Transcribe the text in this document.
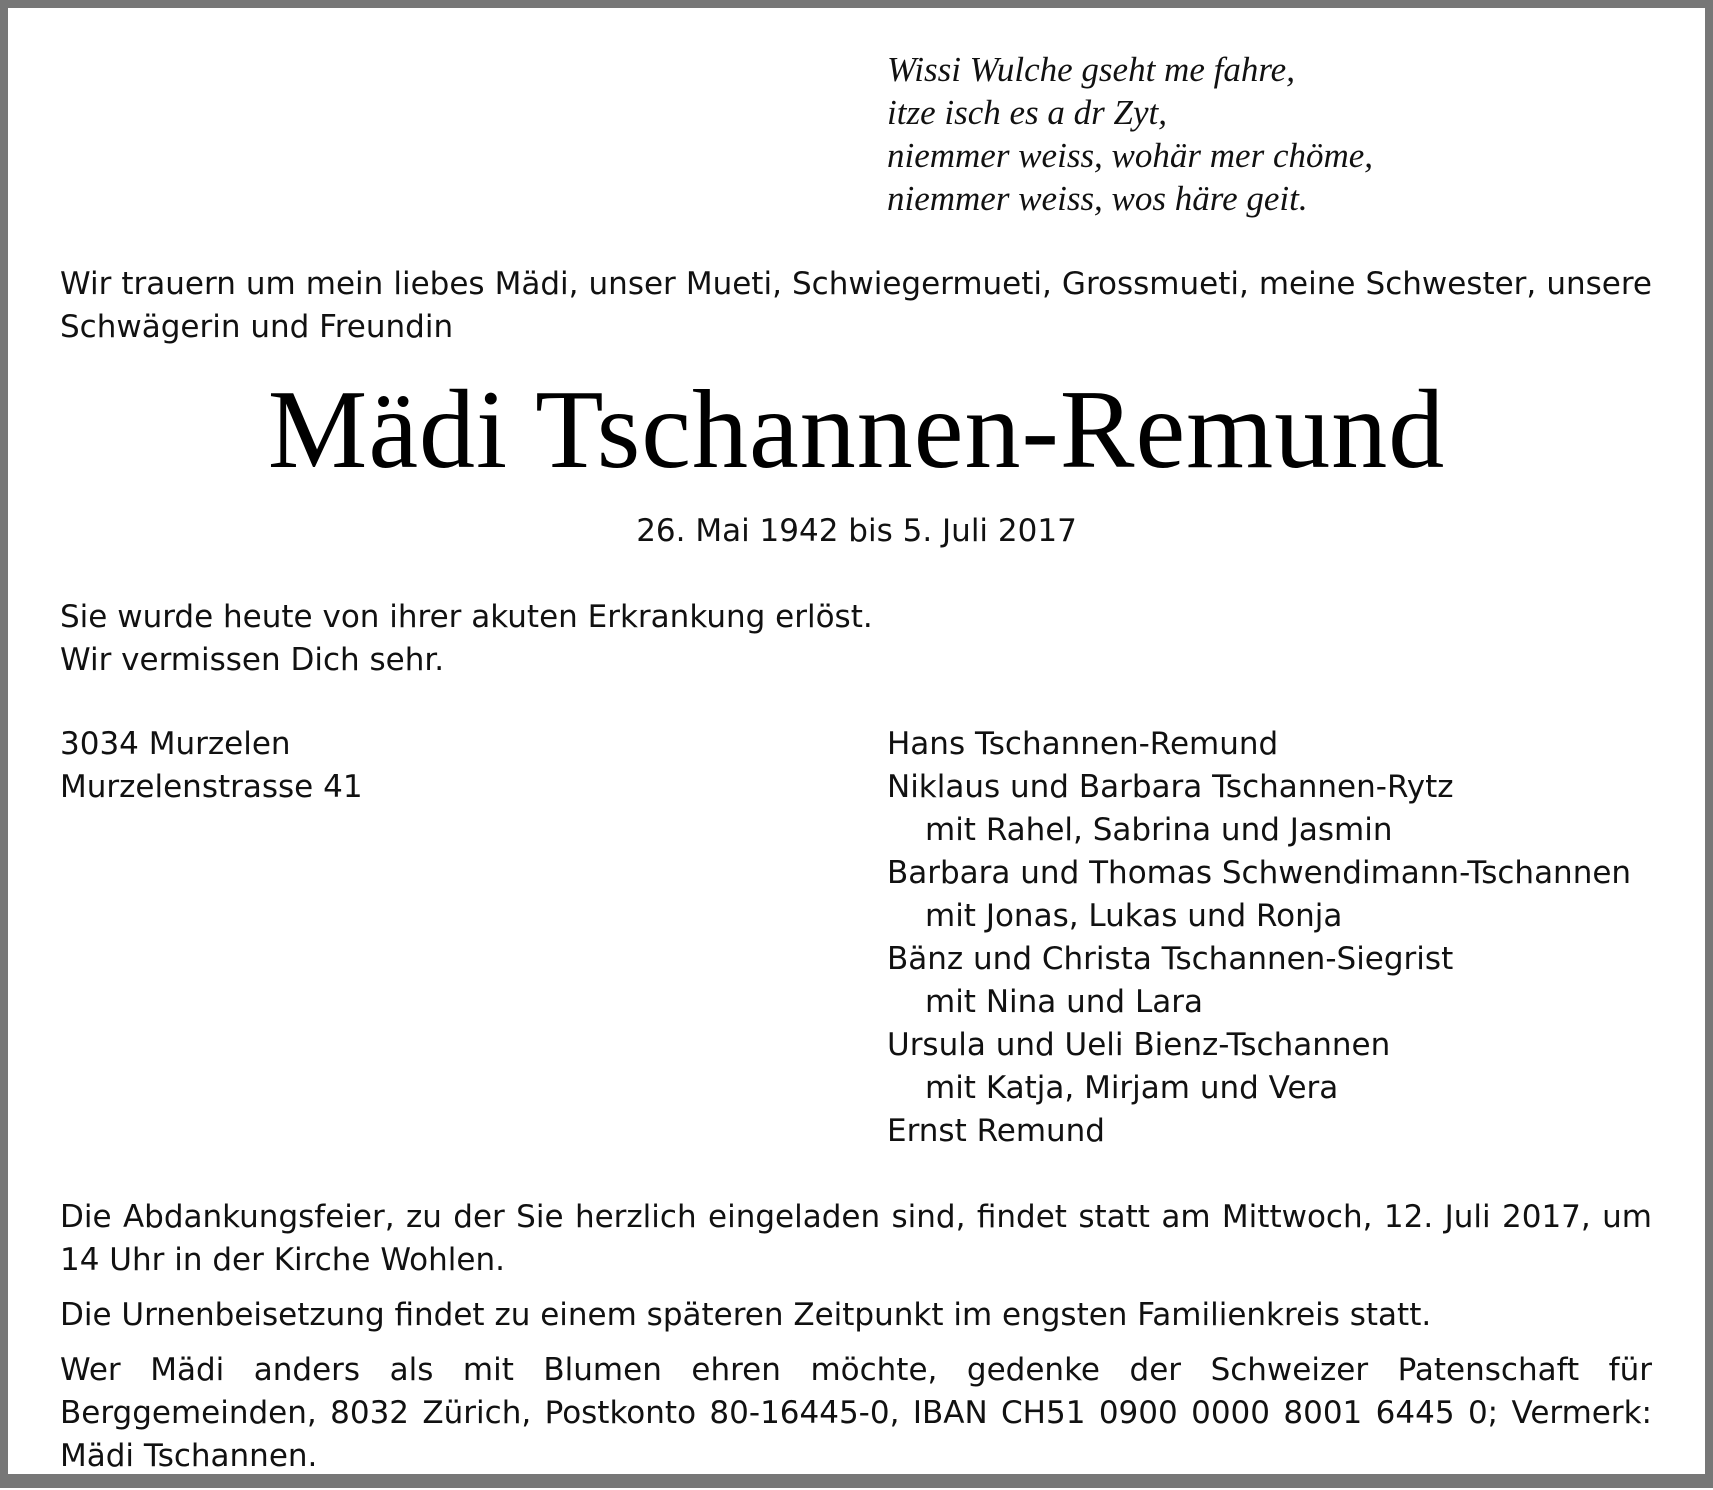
Wissi Wulche gseht me fahre,
itze isch es a dr Zyt,
niemmer weiss, wohär mer chöme,
niemmer weiss, wos häre geit.
Wir trauern um mein liebes Mädi, unser Mueti, Schwiegermueti, Grossmueti, meine Schwester, unsere Schwägerin und Freundin
Mädi Tschannen-Remund
26. Mai 1942 bis 5. Juli 2017
Sie wurde heute von ihrer akuten Erkrankung erlöst.
Wir vermissen Dich sehr.
3034 Murzelen
Murzelenstrasse 41
Hans Tschannen-Remund
Niklaus und Barbara Tschannen-Rytz
mit Rahel, Sabrina und Jasmin
Barbara und Thomas Schwendimann-Tschannen
mit Jonas, Lukas und Ronja
Bänz und Christa Tschannen-Siegrist
mit Nina und Lara
Ursula und Ueli Bienz-Tschannen
mit Katja, Mirjam und Vera
Ernst Remund

Die Abdankungsfeier, zu der Sie herzlich eingeladen sind, findet statt am Mittwoch, 12. Juli 2017, um 14 Uhr in der Kirche Wohlen.

Die Urnenbeisetzung findet zu einem späteren Zeitpunkt im engsten Familienkreis statt.

Wer Mädi anders als mit Blumen ehren möchte, gedenke der Schweizer Patenschaft für Berggemeinden, 8032 Zürich, Postkonto 80-16445-0, IBAN CH51 0900 0000 8001 6445 0; Vermerk: Mädi Tschannen.
